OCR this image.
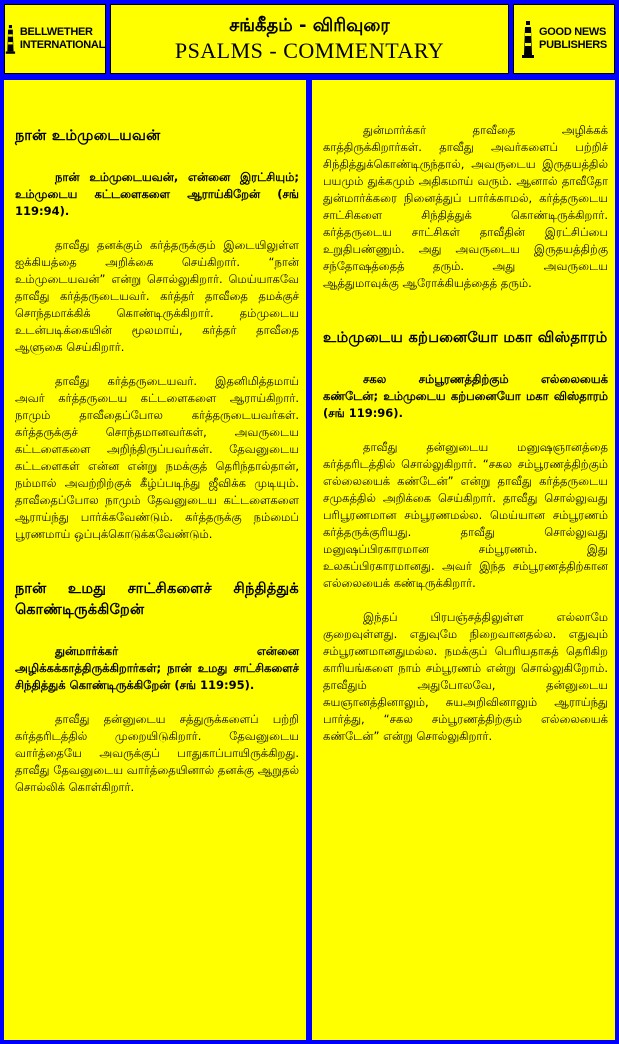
BELLWETHER
INTERNATIONAL
சங்கீதம் - விரிவுரை
PSALMS - COMMENTARY
GOOD NEWS
PUBLISHERS
நான் உம்முடையவன்

நான் உம்முடையவன், என்னை இரட்சியும்; உம்முடைய கட்டளைகளை ஆராய்கிறேன் (சங் 119:94).

தாவீது தனக்கும் கர்த்தருக்கும் இடையிலுள்ள ஐக்கியத்தை அறிக்கை செய்கிறார். “நான் உம்முடையவன்” என்று சொல்லுகிறார். மெய்யாகவே தாவீது கர்த்தருடையவர். கர்த்தர் தாவீதை தமக்குச் சொந்தமாக்கிக் கொண்டிருக்கிறார். தம்முடைய உடன்படிக்கையின் மூலமாய், கர்த்தர் தாவீதை ஆளுகை செய்கிறார்.

தாவீது கர்த்தருடையவர். இதனிமித்தமாய் அவர் கர்த்தருடைய கட்டளைகளை ஆராய்கிறார். நாமும் தாவீதைப்போல கர்த்தருடையவர்கள். கர்த்தருக்குச் சொந்தமானவர்கள், அவருடைய கட்டளைகளை அறிந்திருப்பவர்கள். தேவனுடைய கட்டளைகள் என்ன என்று நமக்குத் தெரிந்தால்தான், நம்மால் அவற்றிற்குக் கீழ்ப்படிந்து ஜீவிக்க முடியும். தாவீதைப்போல நாமும் தேவனுடைய கட்டளைகளை ஆராய்ந்து பார்க்கவேண்டும். கர்த்தருக்கு நம்மைப் பூரணமாய் ஒப்புக்கொடுக்கவேண்டும்.

நான் உமது சாட்சிகளைச் சிந்தித்துக் கொண்டிருக்கிறேன்

துன்மார்க்கர் என்னை அழிக்கக்காத்திருக்கிறார்கள்; நான் உமது சாட்சிகளைச் சிந்தித்துக் கொண்டிருக்கிறேன் (சங் 119:95).

தாவீது தன்னுடைய சத்துருக்களைப் பற்றி கர்த்தரிடத்தில் முறையிடுகிறார். தேவனுடைய வார்த்தையே அவருக்குப் பாதுகாப்பாயிருக்கிறது. தாவீது தேவனுடைய வார்த்தையினால் தனக்கு ஆறுதல் சொல்லிக் கொள்கிறார்.

துன்மார்க்கர் தாவீதை அழிக்கக் காத்திருக்கிறார்கள். தாவீது அவர்களைப் பற்றிச் சிந்தித்துக்கொண்டிருந்தால், அவருடைய இருதயத்தில் பயமும் துக்கமும் அதிகமாய் வரும். ஆனால் தாவீதோ துன்மார்க்கரை நினைத்துப் பார்க்காமல், கர்த்தருடைய சாட்சிகளை சிந்தித்துக் கொண்டிருக்கிறார். கர்த்தருடைய சாட்சிகள் தாவீதின் இரட்சிப்பை உறுதிபண்ணும். அது அவருடைய இருதயத்திற்கு சந்தோஷத்தைத் தரும். அது அவருடைய ஆத்துமாவுக்கு ஆரோக்கியத்தைத் தரும்.

உம்முடைய கற்பனையோ மகா விஸ்தாரம்

சகல சம்பூரணத்திற்கும் எல்லையைக் கண்டேன்; உம்முடைய கற்பனையோ மகா விஸ்தாரம் (சங் 119:96).

தாவீது தன்னுடைய மனுஷஞானத்தை கர்த்தரிடத்தில் சொல்லுகிறார். “சகல சம்பூரணத்திற்கும் எல்லையைக் கண்டேன்” என்று தாவீது கர்த்தருடைய சமுகத்தில் அறிக்கை செய்கிறார். தாவீது சொல்லுவது பரிபூரணமான சம்பூரணமல்ல. மெய்யான சம்பூரணம் கர்த்தருக்குரியது. தாவீது சொல்லுவது மனுஷப்பிரகாரமான சம்பூரணம். இது உலகப்பிரகாரமானது. அவர் இந்த சம்பூரணத்திற்கான எல்லையைக் கண்டிருக்கிறார்.

இந்தப் பிரபஞ்சத்திலுள்ள எல்லாமே குறைவுள்ளது. எதுவுமே நிறைவானதல்ல. எதுவும் சம்பூரணமானதுமல்ல. நமக்குப் பெரியதாகத் தெரிகிற காரியங்களை நாம் சம்பூரணம் என்று சொல்லுகிறோம். தாவீதும் அதுபோலவே, தன்னுடைய சுயஞானத்தினாலும், சுயஅறிவினாலும் ஆராய்ந்து பார்த்து, “சகல சம்பூரணத்திற்கும் எல்லையைக் கண்டேன்” என்று சொல்லுகிறார்.
